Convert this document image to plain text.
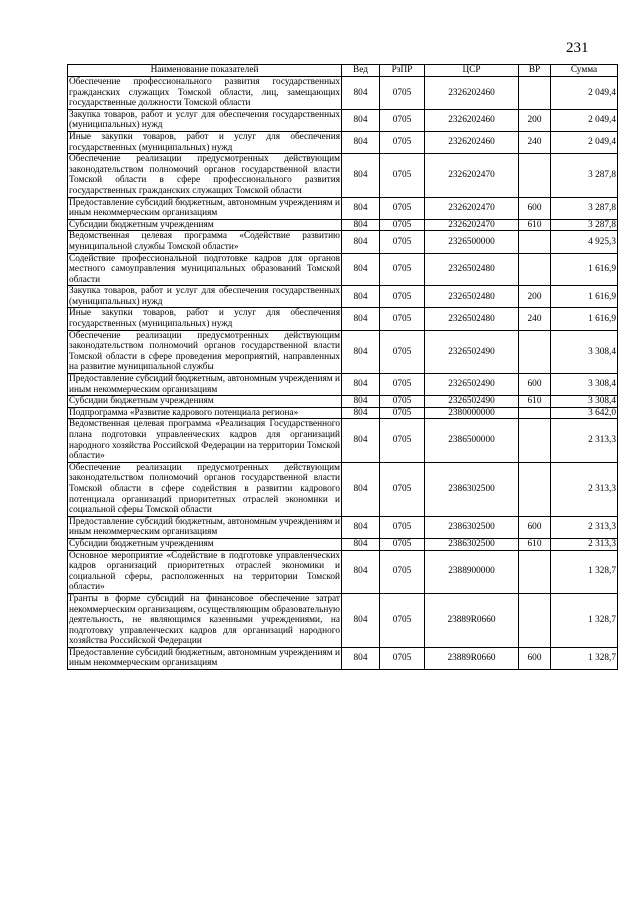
231
Наименование показателей	Вед	РзПР	ЦСР	ВР	Сумма
Обеспечение профессионального развития государственных гражданских служащих Томской области, лиц, замещающих государственные должности Томской области	804	0705	2326202460		2 049,4
Закупка товаров, работ и услуг для обеспечения государственных (муниципальных) нужд	804	0705	2326202460	200	2 049,4
Иные закупки товаров, работ и услуг для обеспечения государственных (муниципальных) нужд	804	0705	2326202460	240	2 049,4
Обеспечение реализации предусмотренных действующим законодательством полномочий органов государственной власти Томской области в сфере профессионального развития государственных гражданских служащих Томской области	804	0705	2326202470		3 287,8
Предоставление субсидий бюджетным, автономным учреждениям и иным некоммерческим организациям	804	0705	2326202470	600	3 287,8
Субсидии бюджетным учреждениям	804	0705	2326202470	610	3 287,8
Ведомственная целевая программа «Содействие развитию муниципальной службы Томской области»	804	0705	2326500000		4 925,3
Содействие профессиональной подготовке кадров для органов местного самоуправления муниципальных образований Томской области	804	0705	2326502480		1 616,9
Закупка товаров, работ и услуг для обеспечения государственных (муниципальных) нужд	804	0705	2326502480	200	1 616,9
Иные закупки товаров, работ и услуг для обеспечения государственных (муниципальных) нужд	804	0705	2326502480	240	1 616,9
Обеспечение реализации предусмотренных действующим законодательством полномочий органов государственной власти Томской области в сфере проведения мероприятий, направленных на развитие муниципальной службы	804	0705	2326502490		3 308,4
Предоставление субсидий бюджетным, автономным учреждениям и иным некоммерческим организациям	804	0705	2326502490	600	3 308,4
Субсидии бюджетным учреждениям	804	0705	2326502490	610	3 308,4
Подпрограмма «Развитие кадрового потенциала региона»	804	0705	2380000000		3 642,0
Ведомственная целевая программа «Реализация Государственного плана подготовки управленческих кадров для организаций народного хозяйства Российской Федерации на территории Томской области»	804	0705	2386500000		2 313,3
Обеспечение реализации предусмотренных действующим законодательством полномочий органов государственной власти Томской области в сфере содействия в развитии кадрового потенциала организаций приоритетных отраслей экономики и социальной сферы Томской области	804	0705	2386302500		2 313,3
Предоставление субсидий бюджетным, автономным учреждениям и иным некоммерческим организациям	804	0705	2386302500	600	2 313,3
Субсидии бюджетным учреждениям	804	0705	2386302500	610	2 313,3
Основное мероприятие «Содействие в подготовке управленческих кадров организаций приоритетных отраслей экономики и социальной сферы, расположенных на территории Томской области»	804	0705	2388900000		1 328,7
Гранты в форме субсидий на финансовое обеспечение затрат некоммерческим организациям, осуществляющим образовательную деятельность, не являющимся казенными учреждениями, на подготовку управленческих кадров для организаций народного хозяйства Российской Федерации	804	0705	23889R0660		1 328,7
Предоставление субсидий бюджетным, автономным учреждениям и иным некоммерческим организациям	804	0705	23889R0660	600	1 328,7
